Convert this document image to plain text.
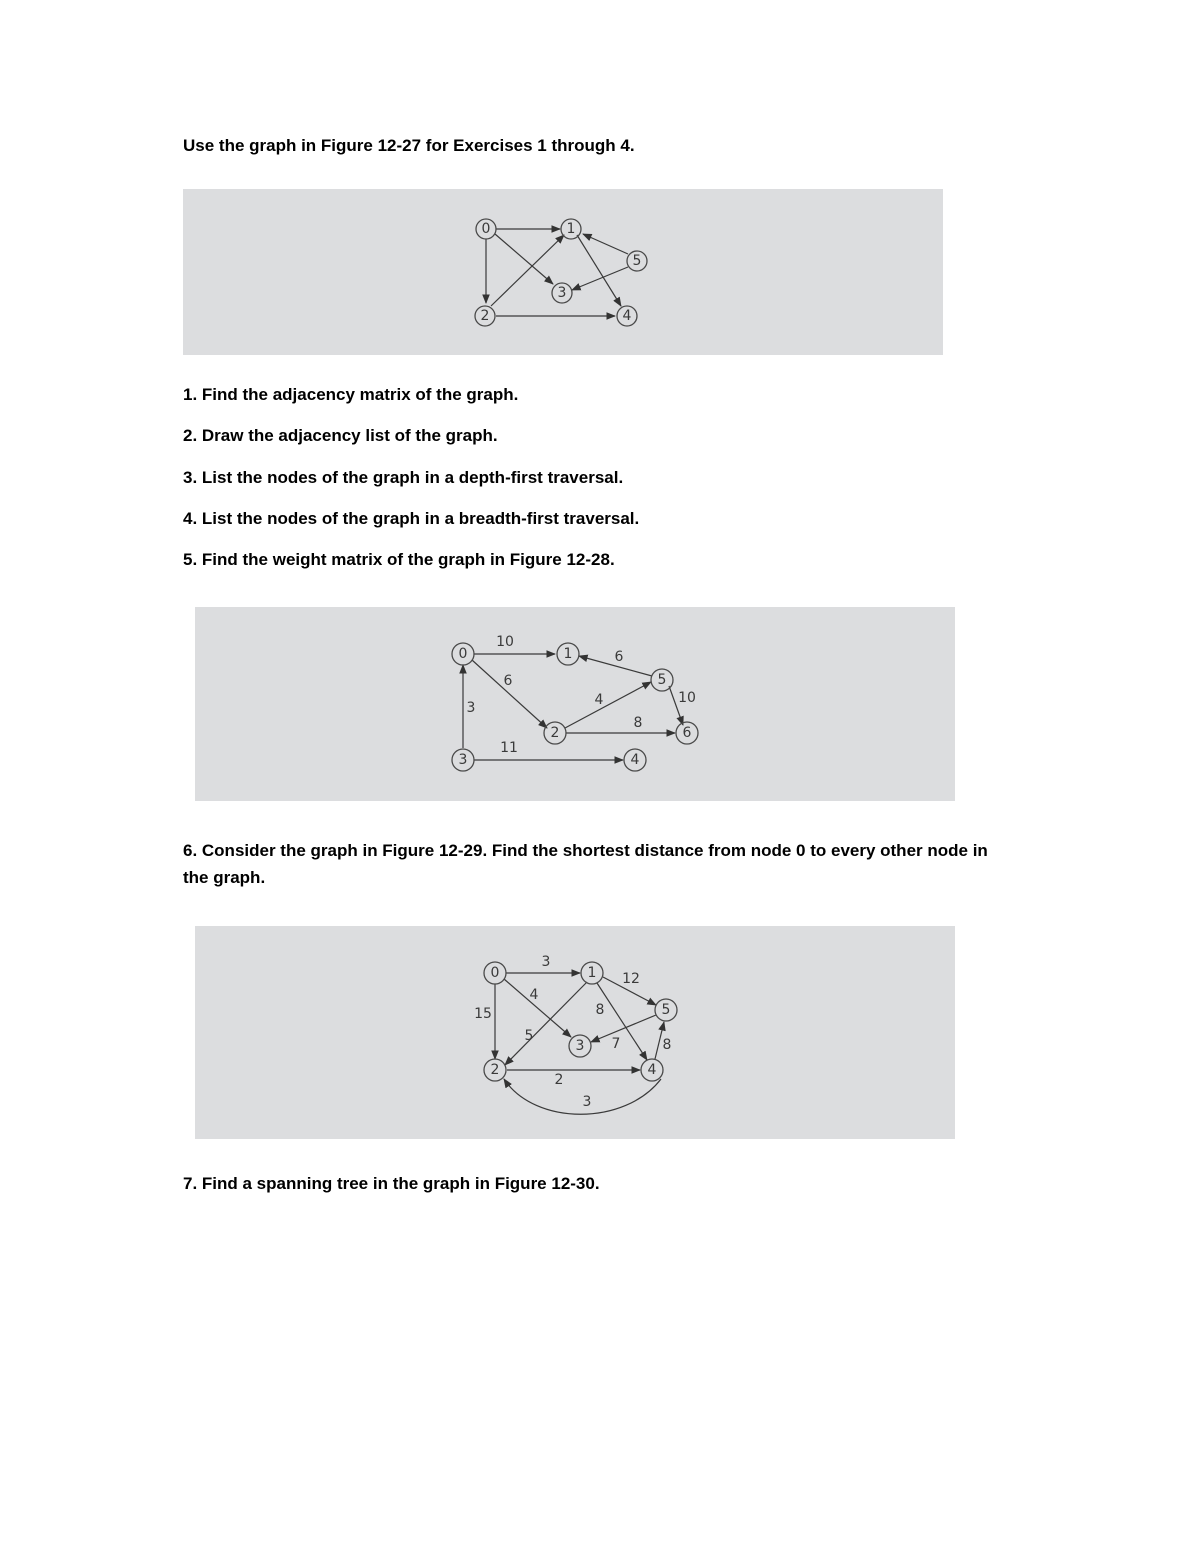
Use the graph in Figure 12-27 for Exercises 1 through 4.
0	1
2
3
4
5
1. Find the adjacency matrix of the graph.
2. Draw the adjacency list of the graph.
3. List the nodes of the graph in a depth-first traversal.
4. List the nodes of the graph in a breadth-first traversal.
5. Find the weight matrix of the graph in Figure 12-28.
10
6
3
11
4
6
10
8
0	1
2
3	4
5
6
6. Consider the graph in Figure 12-29. Find the shortest distance from node 0 to every other node in the graph.
3
15
4
5
8
12
7	8
2
3
0	1
2
3
4
5
7. Find a spanning tree in the graph in Figure 12-30.
